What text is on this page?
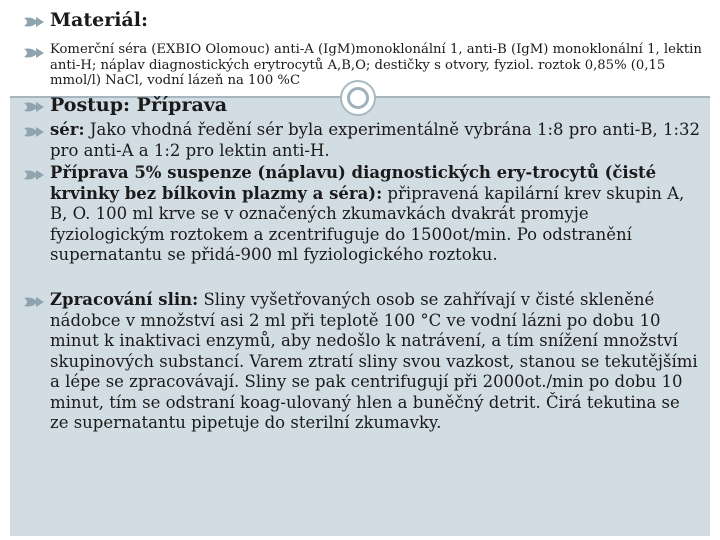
Materiál:

Komerční séra (EXBIO Olomouc) anti-A (IgM)monoklonální 1, anti-B (IgM) monoklonální 1, lektin anti-H; náplav diagnostických erytrocytů A,B,O; destičky s otvory, fyziol. roztok 0,85% (0,15 mmol/l) NaCl, vodní lázeň na 100 %C

Postup: Příprava

sér: Jako vhodná ředění sér byla experimentálně vybrána 1:8 pro anti-B, 1:32 pro anti-A a 1:2 pro lektin anti-H.

Příprava 5% suspenze (náplavu) diagnostických ery-trocytů (čisté krvinky bez bílkovin plazmy a séra): připravená kapilární krev skupin A, B, O. 100 ml krve se v označených zkumavkách dvakrát promyje fyziologickým roztokem a zcentrifuguje do 1500ot/min. Po odstranění supernatantu se přidá-900 ml fyziologického roztoku.

Zpracování slin: Sliny vyšetřovaných osob se zahřívají v čisté skleněné nádobce v množství asi 2 ml při teplotě 100 °C ve vodní lázni po dobu 10 minut k inaktivaci enzymů, aby nedošlo k natrávení, a tím snížení množství skupinových substancí. Varem ztratí sliny svou vazkost, stanou se tekutějšími a lépe se zpracovávají. Sliny se pak centrifugují při 2000ot./min po dobu 10 minut, tím se odstraní koag-ulovaný hlen a buněčný detrit. Čirá tekutina se ze supernatantu pipetuje do sterilní zkumavky.
